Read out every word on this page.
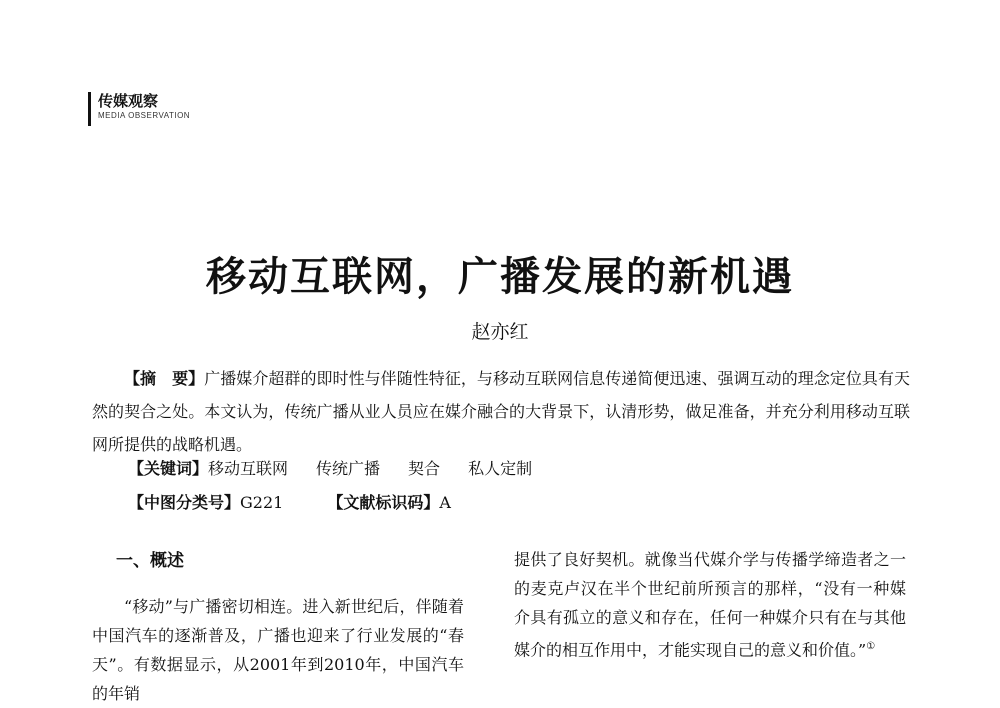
传媒观察
MEDIA OBSERVATION
移动互联网，广播发展的新机遇
赵亦红
【摘　要】广播媒介超群的即时性与伴随性特征，与移动互联网信息传递简便迅速、强调互动的理念定位具有天然的契合之处。本文认为，传统广播从业人员应在媒介融合的大背景下，认清形势，做足准备，并充分利用移动互联网所提供的战略机遇。
【关键词】移动互联网 传统广播 契合 私人定制
【中图分类号】G221	【文献标识码】A
一、概述

“移动”与广播密切相连。进入新世纪后，伴随着中国汽车的逐渐普及，广播也迎来了行业发展的“春天”。有数据显示，从2001年到2010年，中国汽车的年销

提供了良好契机。就像当代媒介学与传播学缔造者之一的麦克卢汉在半个世纪前所预言的那样，“没有一种媒介具有孤立的意义和存在，任何一种媒介只有在与其他媒介的相互作用中，才能实现自己的意义和价值。”①
